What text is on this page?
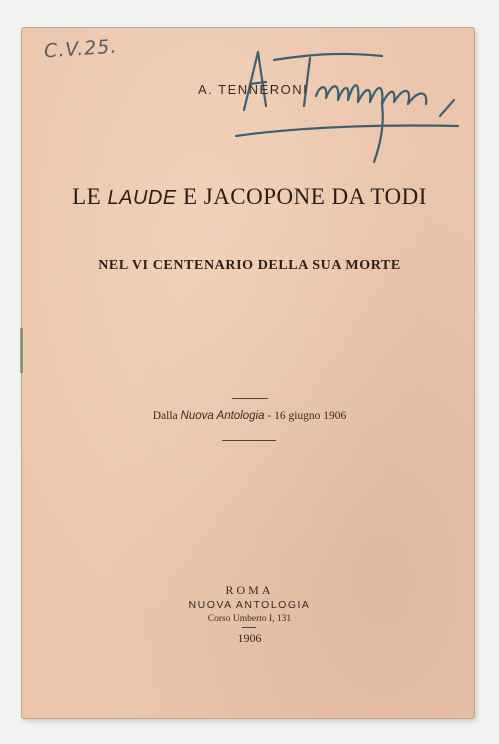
C.V.25.
A. TENNERONI
LE LAUDE E JACOPONE DA TODI
NEL VI CENTENARIO DELLA SUA MORTE
Dalla Nuova Antologia - 16 giugno 1906
ROMA
NUOVA ANTOLOGIA
Corso Umberto I, 131
1906
